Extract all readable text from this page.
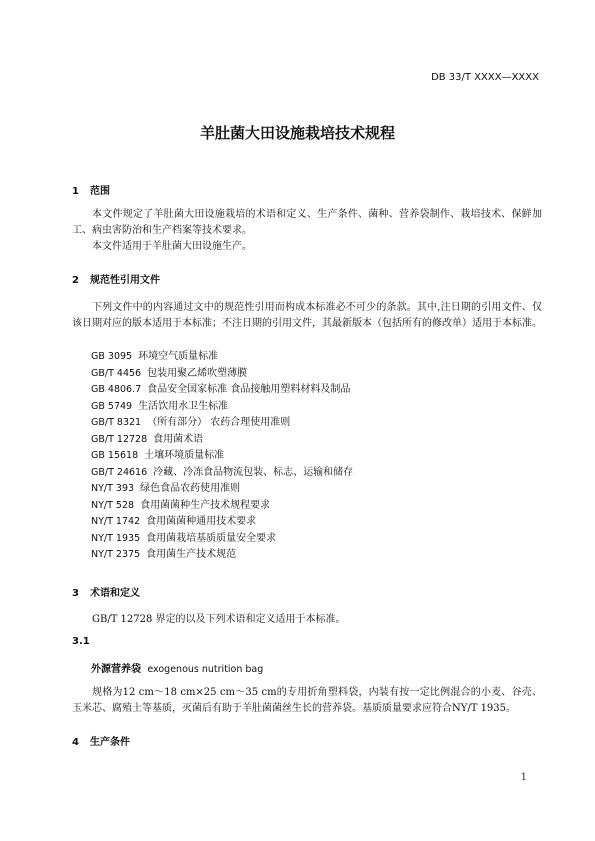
DB 33/T XXXX—XXXX
羊肚菌大田设施栽培技术规程
1 范围
本文件规定了羊肚菌大田设施栽培的术语和定义、生产条件、菌种、营养袋制作、栽培技术、保鲜加工、病虫害防治和生产档案等技术要求。
本文件适用于羊肚菌大田设施生产。
2 规范性引用文件
下列文件中的内容通过文中的规范性引用而构成本标准必不可少的条款。其中,注日期的引用文件、仅该日期对应的版本适用于本标准；不注日期的引用文件，其最新版本（包括所有的修改单）适用于本标准。
GB 3095 环境空气质量标准
GB/T 4456 包装用聚乙烯吹塑薄膜
GB 4806.7 食品安全国家标准 食品接触用塑料材料及制品
GB 5749 生活饮用水卫生标准
GB/T 8321 （所有部分） 农药合理使用准则
GB/T 12728 食用菌术语
GB 15618 土壤环境质量标准
GB/T 24616 冷藏、冷冻食品物流包装、标志、运输和储存
NY/T 393 绿色食品农药使用准则
NY/T 528 食用菌菌种生产技术规程要求
NY/T 1742 食用菌菌种通用技术要求
NY/T 1935 食用菌栽培基质质量安全要求
NY/T 2375 食用菌生产技术规范
3 术语和定义
GB/T 12728 界定的以及下列术语和定义适用于本标准。
3.1
外源营养袋 exogenous nutrition bag
规格为12 cm～18 cm×25 cm～35 cm的专用折角塑料袋，内装有按一定比例混合的小麦、谷壳、玉米芯、腐殖土等基质，灭菌后有助于羊肚菌菌丝生长的营养袋。基质质量要求应符合NY/T 1935。
4 生产条件
1
